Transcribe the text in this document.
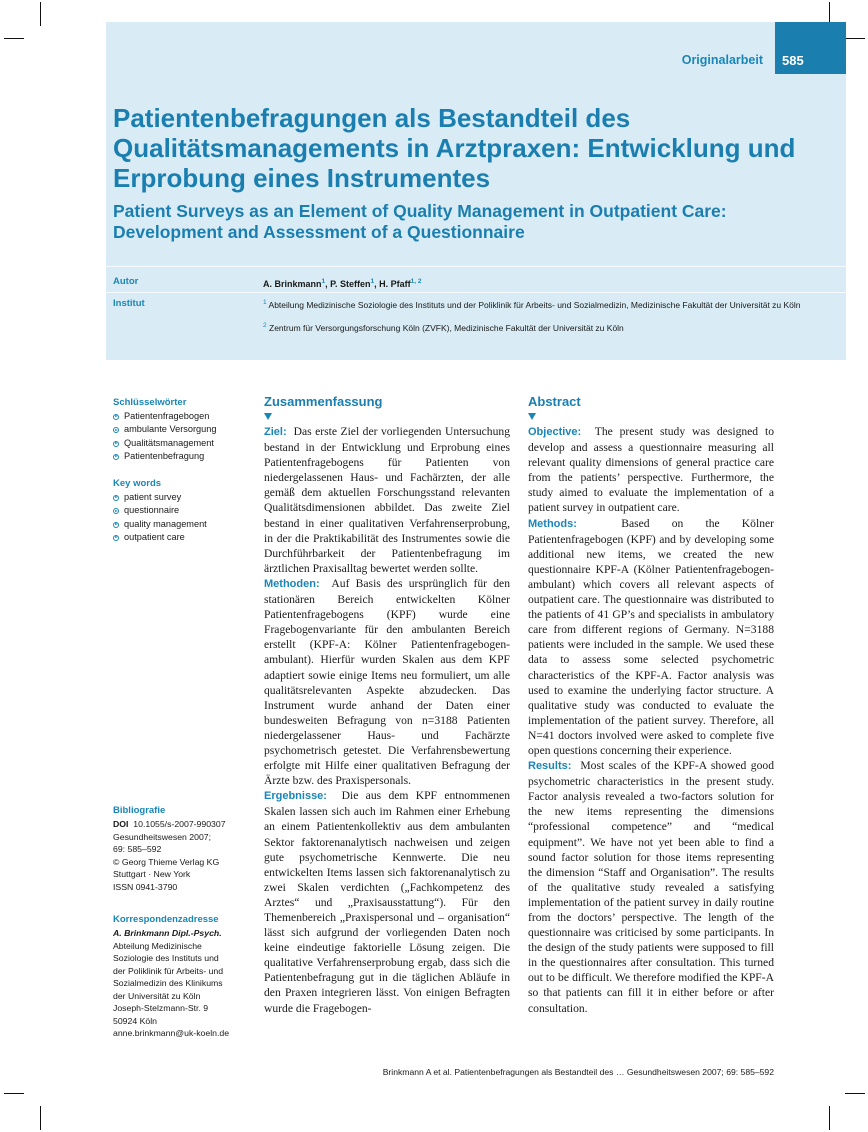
Originalarbeit	585
Patientenbefragungen als Bestandteil des Qualitätsmanagements in Arztpraxen: Entwicklung und Erprobung eines Instrumentes
Patient Surveys as an Element of Quality Management in Outpatient Care: Development and Assessment of a Questionnaire
Autor	A. Brinkmann$^1$, P. Steffen$^1$, H. Pfaff$^{1, 2}$
Institut	$^1$ Abteilung Medizinische Soziologie des Instituts und der Poliklinik für Arbeits- und Sozialmedizin, Medizinische Fakultät der Universität zu Köln
$^2$ Zentrum für Versorgungsforschung Köln (ZVFK), Medizinische Fakultät der Universität zu Köln
Schlüsselwörter
Patientenfragebogen
ambulante Versorgung
Qualitätsmanagement
Patientenbefragung
Key words
patient survey
questionnaire
quality management
outpatient care
Bibliografie
DOI 10.1055/s-2007-990307
Gesundheitswesen 2007;
69: 585–592
© Georg Thieme Verlag KG
Stuttgart · New York
ISSN 0941-3790
Korrespondenzadresse
A. Brinkmann Dipl.-Psych.
Abteilung Medizinische
Soziologie des Instituts und
der Poliklinik für Arbeits- und
Sozialmedizin des Klinikums
der Universität zu Köln
Joseph-Stelzmann-Str. 9
50924 Köln
anne.brinkmann@uk-koeln.de
Zusammenfassung
Ziel: Das erste Ziel der vorliegenden Untersuchung bestand in der Entwicklung und Erprobung eines Patientenfragebogens für Patienten von niedergelassenen Haus- und Fachärzten, der alle gemäß dem aktuellen Forschungsstand relevanten Qualitätsdimensionen abbildet. Das zweite Ziel bestand in einer qualitativen Verfahrenserprobung, in der die Praktikabilität des Instrumentes sowie die Durchführbarkeit der Patientenbefragung im ärztlichen Praxisalltag bewertet werden sollte.
Methoden: Auf Basis des ursprünglich für den stationären Bereich entwickelten Kölner Patientenfragebogens (KPF) wurde eine Fragebogenvariante für den ambulanten Bereich erstellt (KPF-A: Kölner Patientenfragebogen-ambulant). Hierfür wurden Skalen aus dem KPF adaptiert sowie einige Items neu formuliert, um alle qualitätsrelevanten Aspekte abzudecken. Das Instrument wurde anhand der Daten einer bundesweiten Befragung von n=3188 Patienten niedergelassener Haus- und Fachärzte psychometrisch getestet. Die Verfahrensbewertung erfolgte mit Hilfe einer qualitativen Befragung der Ärzte bzw. des Praxispersonals.
Ergebnisse: Die aus dem KPF entnommenen Skalen lassen sich auch im Rahmen einer Erhebung an einem Patientenkollektiv aus dem ambulanten Sektor faktorenanalytisch nachweisen und zeigen gute psychometrische Kennwerte. Die neu entwickelten Items lassen sich faktorenanalytisch zu zwei Skalen verdichten („Fachkompetenz des Arztes“ und „Praxisausstattung“). Für den Themenbereich „Praxispersonal und – organisation“ lässt sich aufgrund der vorliegenden Daten noch keine eindeutige faktorielle Lösung zeigen. Die qualitative Verfahrenserprobung ergab, dass sich die Patientenbefragung gut in die täglichen Abläufe in den Praxen integrieren lässt. Von einigen Befragten wurde die Fragebogen-
Abstract
Objective: The present study was designed to develop and assess a questionnaire measuring all relevant quality dimensions of general practice care from the patients’ perspective. Furthermore, the study aimed to evaluate the implementation of a patient survey in outpatient care.
Methods:	Based on the Kölner Patientenfragebogen (KPF) and by developing some additional new items, we created the new questionnaire KPF-A (Kölner Patientenfragebogen-ambulant) which covers all relevant aspects of outpatient care. The questionnaire was distributed to the patients of 41 GP’s and specialists in ambulatory care from different regions of Germany. N=3188 patients were included in the sample. We used these data to assess some selected psychometric characteristics of the KPF-A. Factor analysis was used to examine the underlying factor structure. A qualitative study was conducted to evaluate the implementation of the patient survey. Therefore, all N=41 doctors involved were asked to complete five open questions concerning their experience.
Results: Most scales of the KPF-A showed good psychometric characteristics in the present study. Factor analysis revealed a two-factors solution for the new items representing the dimensions “professional competence” and “medical equipment”. We have not yet been able to find a sound factor solution for those items representing the dimension “Staff and Organisation”. The results of the qualitative study revealed a satisfying implementation of the patient survey in daily routine from the doctors’ perspective. The length of the questionnaire was criticised by some participants. In the design of the study patients were supposed to fill in the questionnaires after consultation. This turned out to be difficult. We therefore modified the KPF-A so that patients can fill it in either before or after consultation.
Brinkmann A et al. Patientenbefragungen als Bestandteil des … Gesundheitswesen 2007; 69: 585–592
